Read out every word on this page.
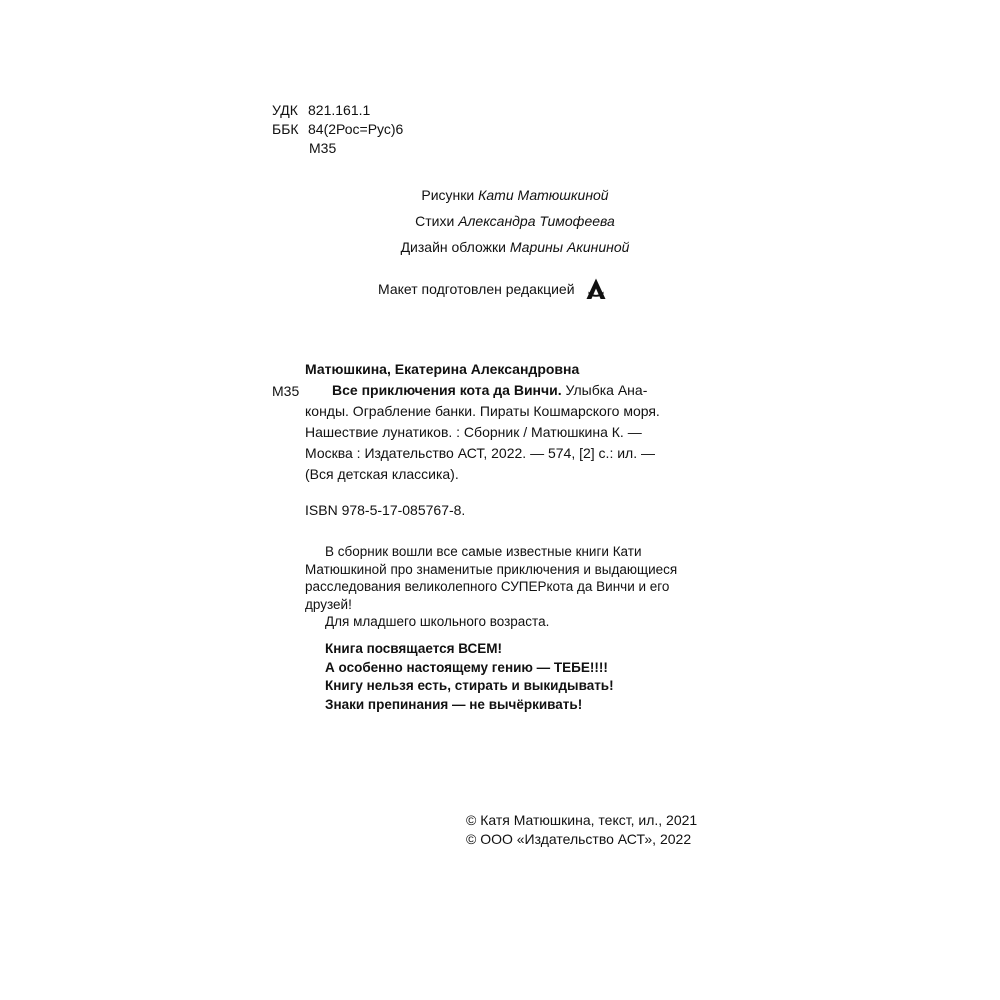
УДК 821.161.1
ББК 84(2Рос=Рус)6
М35
Рисунки Кати Матюшкиной
Стихи Александра Тимофеева
Дизайн обложки Марины Акининой
Макет подготовлен редакцией
Матюшкина, Екатерина Александровна
М35	Все приключения кота да Винчи. Улыбка Ана-
конды. Ограбление банки. Пираты Кошмарского моря.
Нашествие лунатиков. : Сборник / Матюшкина К. —
Москва : Издательство АСТ, 2022. — 574, [2] с.: ил. —
(Вся детская классика).
ISBN 978-5-17-085767-8.
В сборник вошли все самые известные книги Кати
Матюшкиной про знаменитые приключения и выдающиеся
расследования великолепного СУПЕРкота да Винчи и его
друзей!
Для младшего школьного возраста.
Книга посвящается ВСЕМ!
А особенно настоящему гению — ТЕБЕ!!!!
Книгу нельзя есть, стирать и выкидывать!
Знаки препинания — не вычёркивать!
© Катя Матюшкина, текст, ил., 2021
© ООО «Издательство АСТ», 2022
